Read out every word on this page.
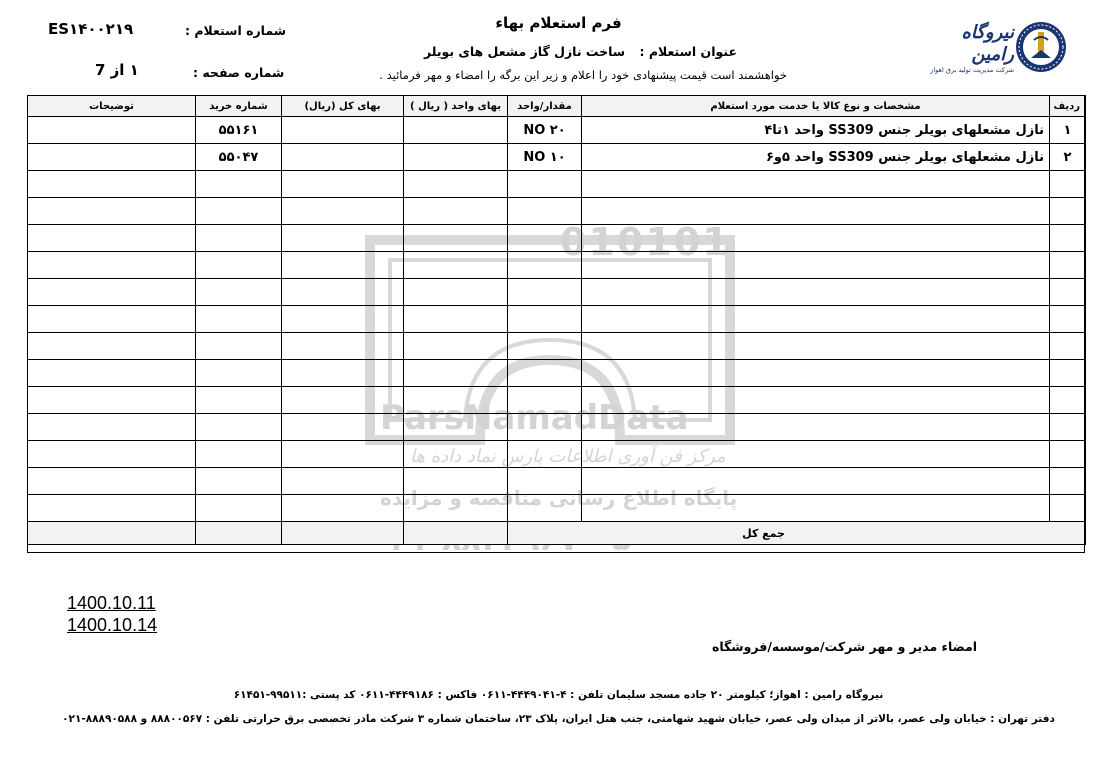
فرم استعلام بهاء
عنوان استعلام : ساخت نازل گاز مشعل های بویلر
خواهشمند است قیمت پیشنهادی خود را اعلام و زیر این برگه را امضاء و مهر فرمائید .
شماره استعلام :
ES۱۴۰۰۲۱۹
شماره صفحه :
۱ از 7
نیروگاه رامین
شرکت مدیریت تولید برق اهواز
010101
ParsNamadData
مرکز فن آوری اطلاعات پارس نماد داده ها
پایگاه اطلاع رسانی مناقصه و مزایده
ردیف	مشخصات و نوع کالا یا خدمت مورد استعلام	مقدار/واحد	بهای واحد ( ریال )	بهای کل (ریال)	شماره خرید	توضیحات
۱	نازل مشعلهای بویلر جنس SS309 واحد ۱تا۴	۲۰ NO			۵۵۱۶۱	
۲	نازل مشعلهای بویلر جنس SS309 واحد ۵و۶	۱۰ NO			۵۵۰۴۷	

جمع کل						
1400.10.11
1400.10.14
امضاء مدیر و مهر شرکت/موسسه/فروشگاه
نیروگاه رامین : اهواز؛ کیلومتر ۲۰ جاده مسجد سلیمان تلفن : ۴-۴۴۴۹۰۴۱-۰۶۱۱ فاکس : ۴۴۴۹۱۸۶-۰۶۱۱ کد پستی :۹۹۵۱۱-۶۱۴۵۱
دفتر تهران : خیابان ولی عصر، بالاتر از میدان ولی عصر، خیابان شهید شهامتی، جنب هتل ایران، پلاک ۲۳، ساختمان شماره ۳ شرکت مادر تخصصی برق حرارتی تلفن : ۸۸۸۰۰۵۶۷ و ۸۸۸۹۰۵۸۸-۰۲۱
